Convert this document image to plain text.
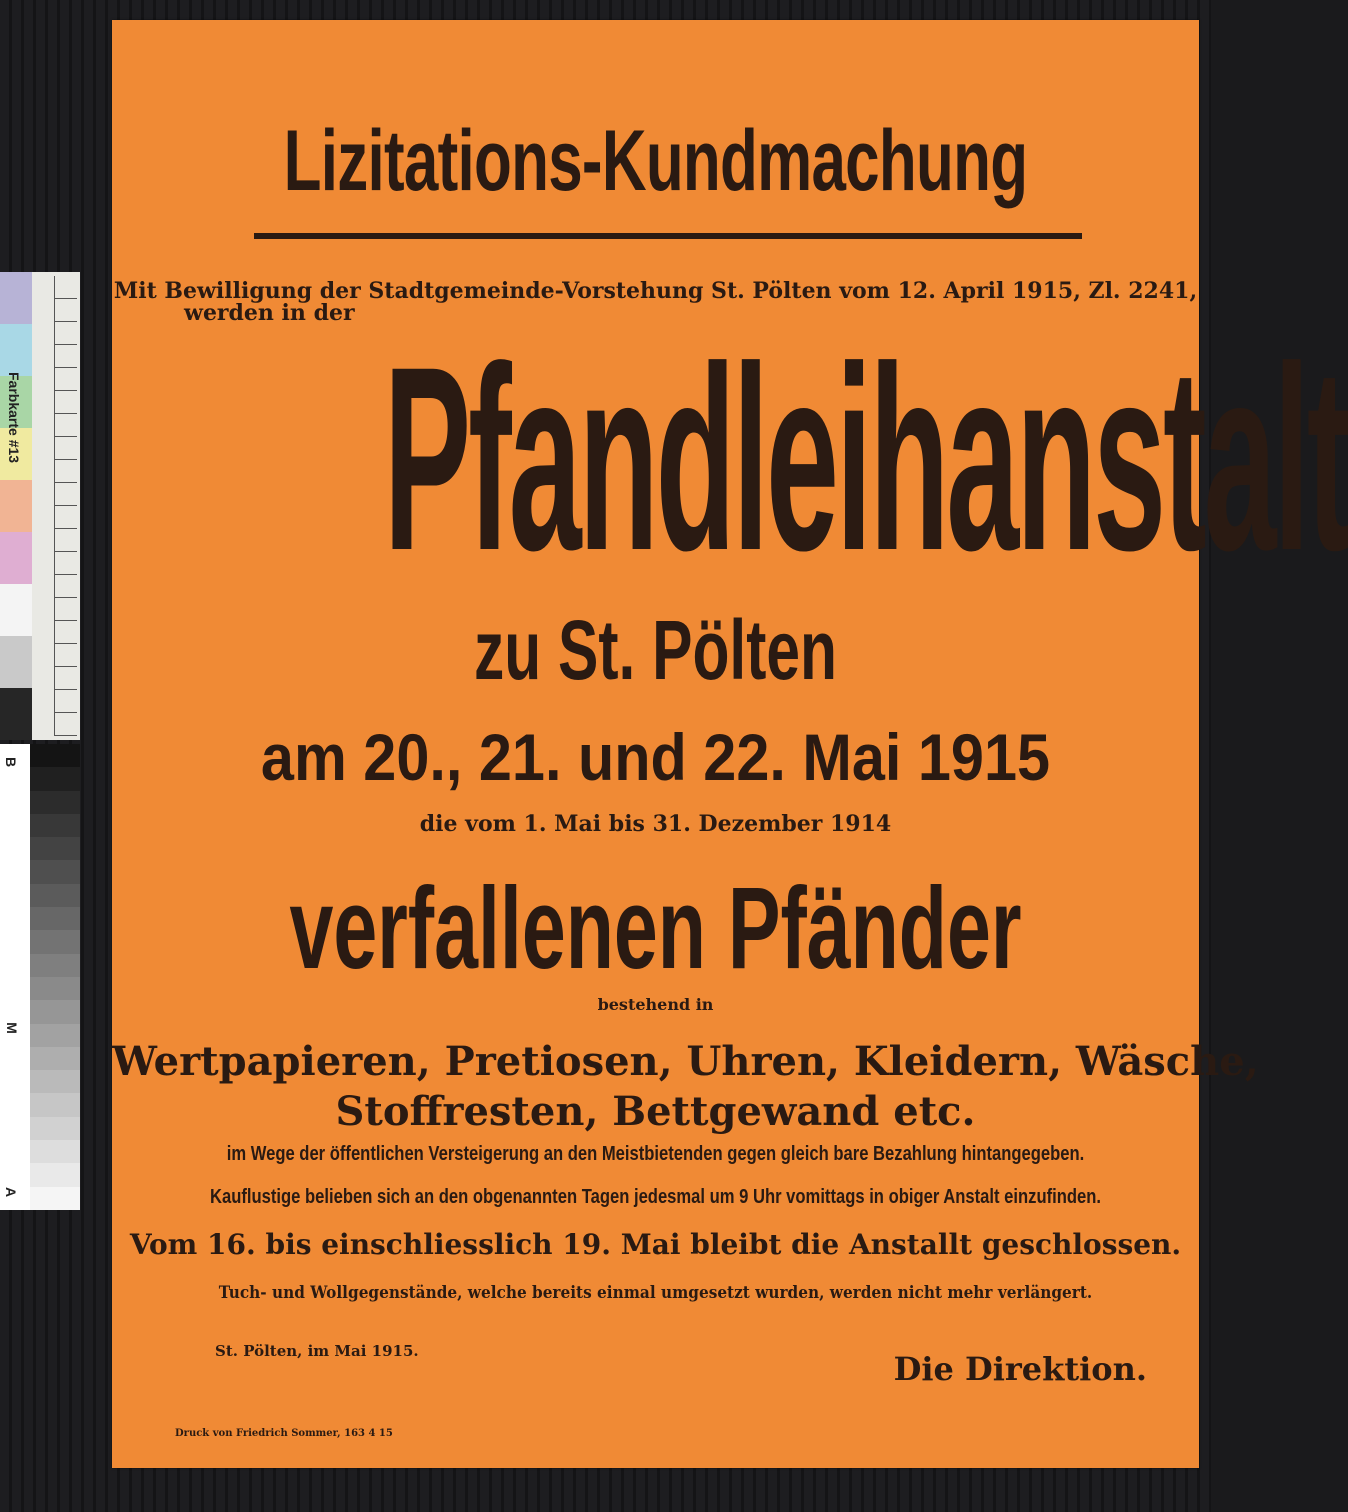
Farbkarte #13
B
M
A
Lizitations-Kundmachung
Mit Bewilligung der Stadtgemeinde-Vorstehung St. Pölten vom 12. April 1915, Zl. 2241,
werden in der Pfandleihanstalt
zu St. Pölten
am 20., 21. und 22. Mai 1915
die vom 1. Mai bis 31. Dezember 1914
verfallenen Pfänder
bestehend in
Wertpapieren, Pretiosen, Uhren, Kleidern, Wäsche,
Stoffresten, Bettgewand etc.
im Wege der öffentlichen Versteigerung an den Meistbietenden gegen gleich bare Bezahlung hintangegeben.
Kauflustige belieben sich an den obgenannten Tagen jedesmal um 9 Uhr vomittags in obiger Anstalt einzufinden.
Vom 16. bis einschliesslich 19. Mai bleibt die Anstallt geschlossen.
Tuch- und Wollgegenstände, welche bereits einmal umgesetzt wurden, werden nicht mehr verlängert.
St. Pölten, im Mai 1915.	Die Direktion.
Druck von Friedrich Sommer, 163 4 15
